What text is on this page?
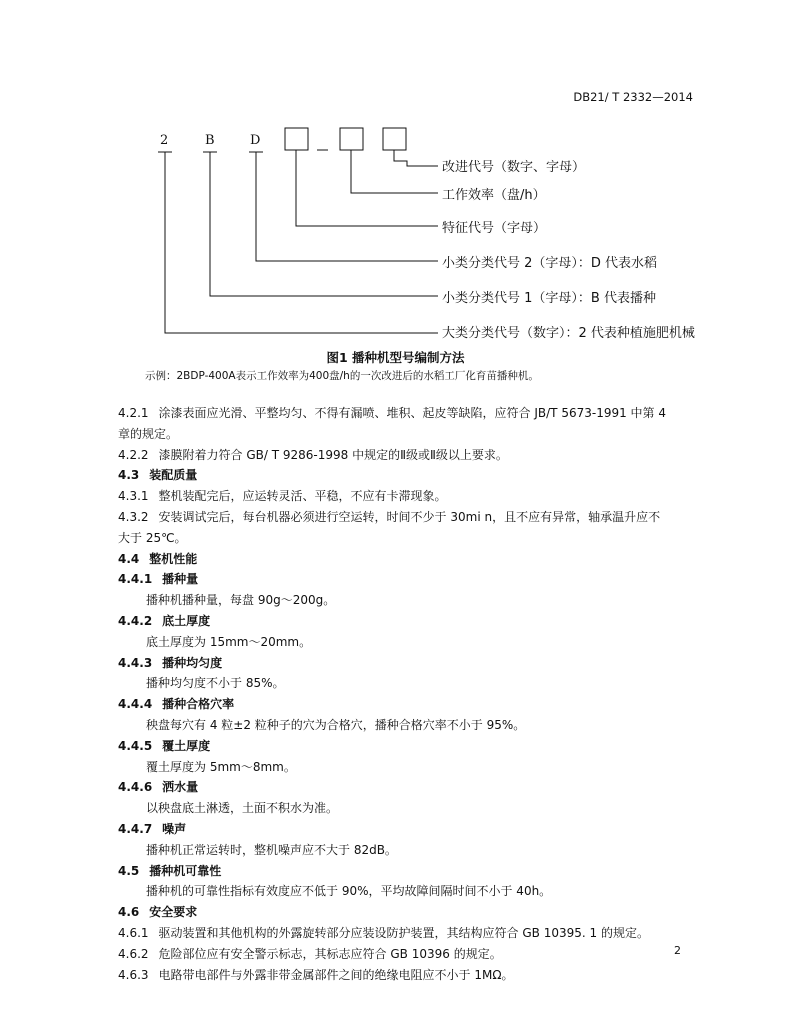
DB21/ T 2332—2014
2	B	D
改进代号（数字、字母）
工作效率（盘/h）
特征代号（字母）
小类分类代号 2（字母）：D 代表水稻
小类分类代号 1（字母）：B 代表播种
大类分类代号（数字）：2 代表种植施肥机械
图1 播种机型号编制方法
示例：2BDP-400A表示工作效率为400盘/h的一次改进后的水稻工厂化育苗播种机。
4.2.1 涂漆表面应光滑、平整均匀、不得有漏喷、堆积、起皮等缺陷，应符合 JB/T 5673-1991 中第 4
章的规定。
4.2.2 漆膜附着力符合 GB/ T 9286-1998 中规定的Ⅱ级或Ⅱ级以上要求。
4.3 装配质量
4.3.1 整机装配完后，应运转灵活、平稳，不应有卡滞现象。
4.3.2 安装调试完后，每台机器必须进行空运转，时间不少于 30mi n，且不应有异常，轴承温升应不
大于 25℃。
4.4 整机性能
4.4.1 播种量
播种机播种量，每盘 90g～200g。
4.4.2 底土厚度
底土厚度为 15mm～20mm。
4.4.3 播种均匀度
播种均匀度不小于 85%。
4.4.4 播种合格穴率
秧盘每穴有 4 粒±2 粒种子的穴为合格穴，播种合格穴率不小于 95%。
4.4.5 覆土厚度
覆土厚度为 5mm～8mm。
4.4.6 洒水量
以秧盘底土淋透，土面不积水为准。
4.4.7 噪声
播种机正常运转时，整机噪声应不大于 82dB。
4.5 播种机可靠性
播种机的可靠性指标有效度应不低于 90%，平均故障间隔时间不小于 40h。
4.6 安全要求
4.6.1 驱动装置和其他机构的外露旋转部分应装设防护装置，其结构应符合 GB 10395. 1 的规定。
4.6.2 危险部位应有安全警示标志，其标志应符合 GB 10396 的规定。
4.6.3 电路带电部件与外露非带金属部件之间的绝缘电阻应不小于 1MΩ。
2
